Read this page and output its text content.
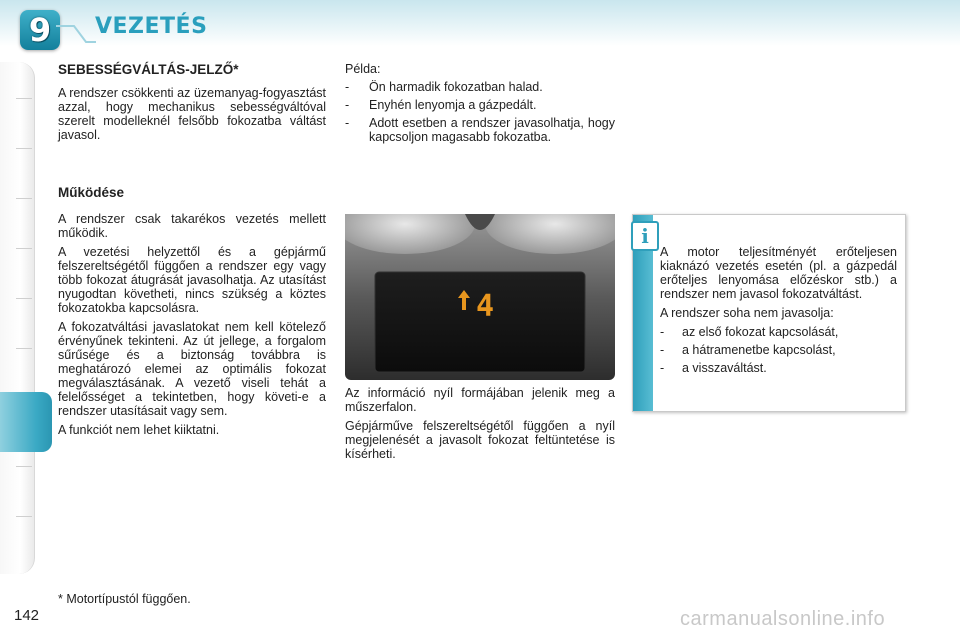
9 VEZETÉS
SEBESSÉGVÁLTÁS-JELZŐ*

A rendszer csökkenti az üzemanyag-fogyasztást azzal, hogy mechanikus sebességváltóval szerelt modelleknél felsőbb fokozatba váltást javasol.

Működése

A rendszer csak takarékos vezetés mellett működik.

A vezetési helyzettől és a gépjármű felszereltségétől függően a rendszer egy vagy több fokozat átugrását javasolhatja. Az utasítást nyugodtan követheti, nincs szükség a köztes fokozatokba kapcsolásra.

A fokozatváltási javaslatokat nem kell kötelező érvényűnek tekinteni. Az út jellege, a forgalom sűrűsége és a biztonság továbbra is meghatározó elemei az optimális fokozat megválasztásának. A vezető viseli tehát a felelősséget a tekintetben, hogy követi-e a rendszer utasításait vagy sem.

A funkciót nem lehet kiiktatni.

Példa:
-	Ön harmadik fokozatban halad.
-	Enyhén lenyomja a gázpedált.
-	Adott esetben a rendszer javasolhatja, hogy kapcsoljon magasabb fokozatba.
4

Az információ nyíl formájában jelenik meg a műszerfalon.

Gépjárműve felszereltségétől függően a nyíl megjelenését a javasolt fokozat feltüntetése is kísérheti.

i

A motor teljesítményét erőteljesen kiaknázó vezetés esetén (pl. a gázpedál erőteljes lenyomása előzéskor stb.) a rendszer nem javasol fokozatváltást.

A rendszer soha nem javasolja:

-	az első fokozat kapcsolását,
-	a hátramenetbe kapcsolást,
-	a visszaváltást.
* Motortípustól függően.
142	carmanualsonline.info
